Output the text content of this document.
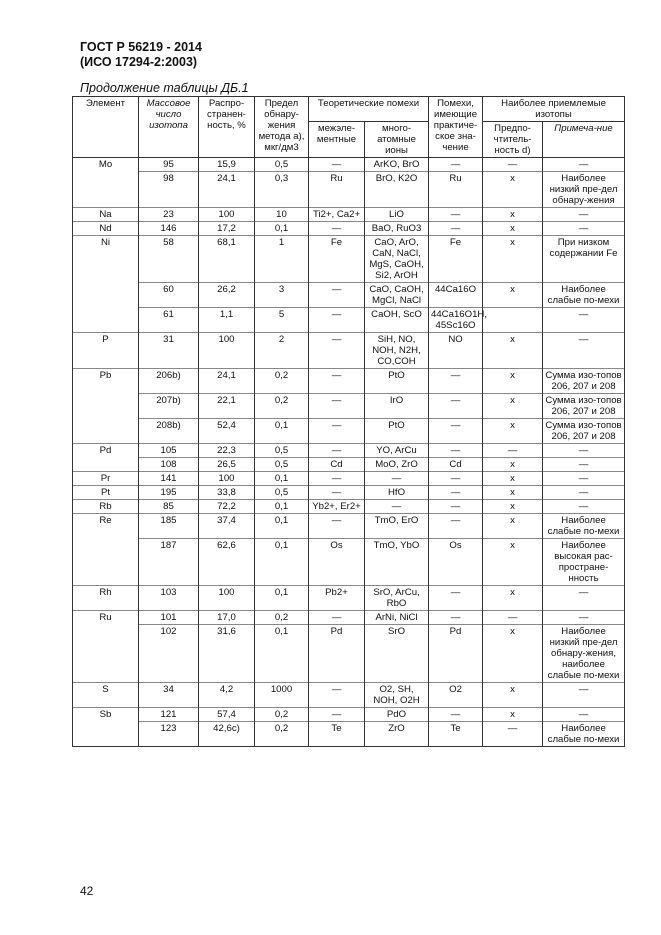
ГОСТ Р 56219 - 2014
(ИСО 17294-2:2003)
Продолжение таблицы ДБ.1
Элемент	Массовое число изотопа	Распро-странен-ность, %	Предел обнару-жения метода a), мкг/дм3	Теоретические помехи		Помехи, имеющие практиче-ское зна-чение	Наиболее приемлемые изотопы	
				межэле-ментные	много-атомные ионы		Предпо-чтитель-ность d)	Примеча-ние
Mo	95	15,9	0,5	—	ArKO, BrO	—	—	—
	98	24,1	0,3	Ru	BrO, K2O	Ru	x	Наиболее низкий пре-дел обнару-жения
Na	23	100	10	Ti2+, Ca2+	LiO	—	x	—
Nd	146	17,2	0,1	—	BaO, RuO3	—	x	—
Ni	58	68,1	1	Fe	CaO, ArO, CaN, NaCl, MgS, CaOH, Si2, ArOH	Fe	x	При низком содержании Fe
	60	26,2	3	—	CaO, CaOH, MgCl, NaCl	44Ca16O	x	Наиболее слабые по-мехи
	61	1,1	5	—	CaOH, ScO	44Ca16O1H, 45Sc16O		—
P	31	100	2	—	SiH, NO, NOH, N2H, CO,COH	NO	x	—
Pb	206b)	24,1	0,2	—	PtO	—	x	Сумма изо-топов 206, 207 и 208
	207b)	22,1	0,2	—	IrO	—	x	Сумма изо-топов 206, 207 и 208
	208b)	52,4	0,1	—	PtO	—	x	Сумма изо-топов 206, 207 и 208
Pd	105	22,3	0,5	—	YO, ArCu	—	—	—
	108	26,5	0,5	Cd	MoO, ZrO	Cd	x	—
Pr	141	100	0,1	—	—	—	x	—
Pt	195	33,8	0,5	—	HfO	—	x	—
Rb	85	72,2	0,1	Yb2+, Er2+	—	—	x	—
Re	185	37,4	0,1	—	TmO, ErO	—	x	Наиболее слабые по-мехи
	187	62,6	0,1	Os	TmO, YbO	Os	x	Наиболее высокая рас-простране-нность
Rh	103	100	0,1	Pb2+	SrO, ArCu, RbO	—	x	—
Ru	101	17,0	0,2	—	ArNi, NiCl	—	—	—
	102	31,6	0,1	Pd	SrO	Pd	x	Наиболее низкий пре-дел обнару-жения, наиболее слабые по-мехи
S	34	4,2	1000	—	O2, SH, NOH, O2H	O2	x	—
Sb	121	57,4	0,2	—	PdO	—	x	—
	123	42,6c)	0,2	Te	ZrO	Te	—	Наиболее слабые по-мехи
42
